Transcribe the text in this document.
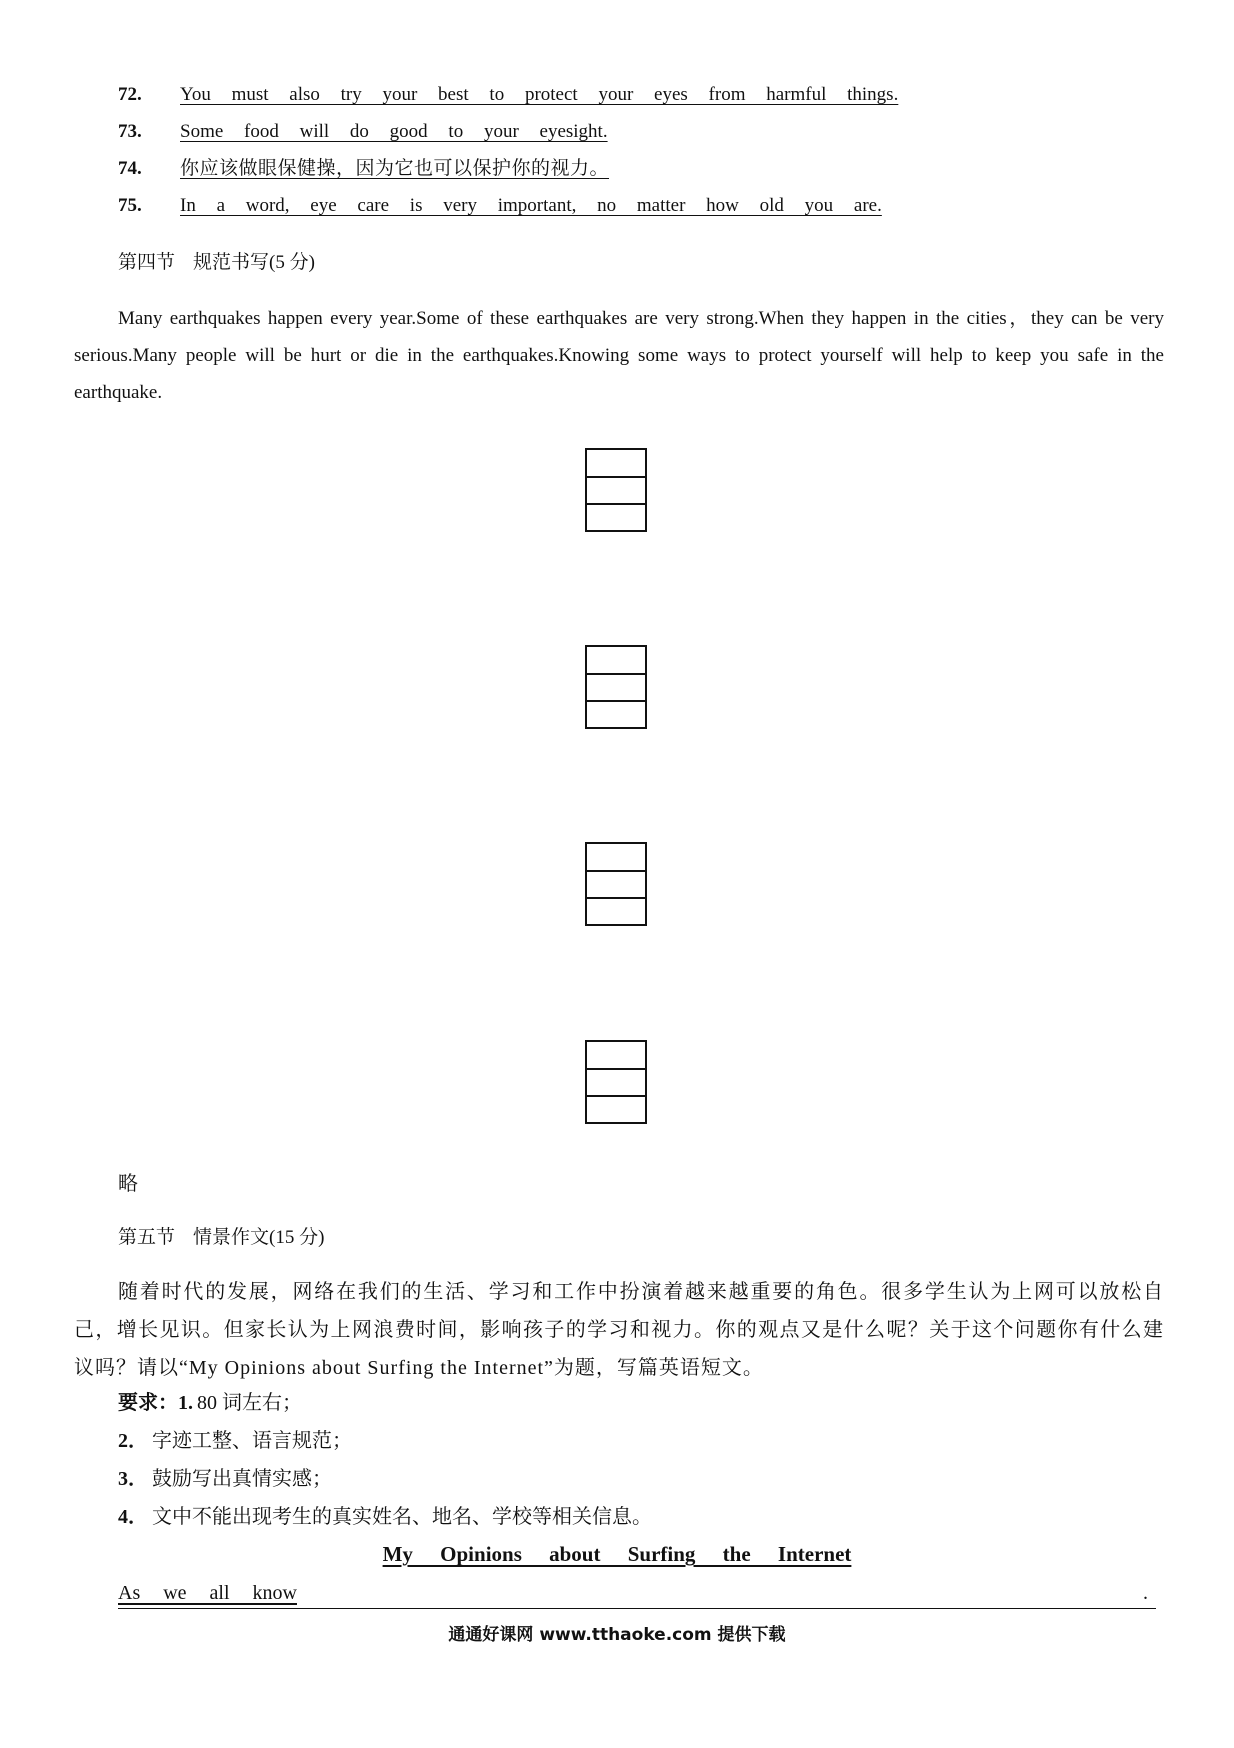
72. You must also try your best to protect your eyes from harmful things.
73. Some food will do good to your eyesight.
74. 你应该做眼保健操，因为它也可以保护你的视力。
75. In a word, eye care is very important, no matter how old you are.
第四节 规范书写(5 分)
Many earthquakes happen every year.Some of these earthquakes are very strong.When they happen in the cities，they can be very serious.Many people will be hurt or die in the earthquakes.Knowing some ways to protect yourself will help to keep you safe in the earthquake.
略
第五节 情景作文(15 分)
随着时代的发展，网络在我们的生活、学习和工作中扮演着越来越重要的角色。很多学生认为上网可以放松自己，增长见识。但家长认为上网浪费时间，影响孩子的学习和视力。你的观点又是什么呢？关于这个问题你有什么建议吗？请以“My Opinions about Surfing the Internet”为题，写篇英语短文。
要求：1. 80 词左右；
2． 字迹工整、语言规范；
3． 鼓励写出真情实感；
4． 文中不能出现考生的真实姓名、地名、学校等相关信息。
My Opinions about Surfing the Internet
As we all know	.
通通好课网 www.tthaoke.com 提供下载
